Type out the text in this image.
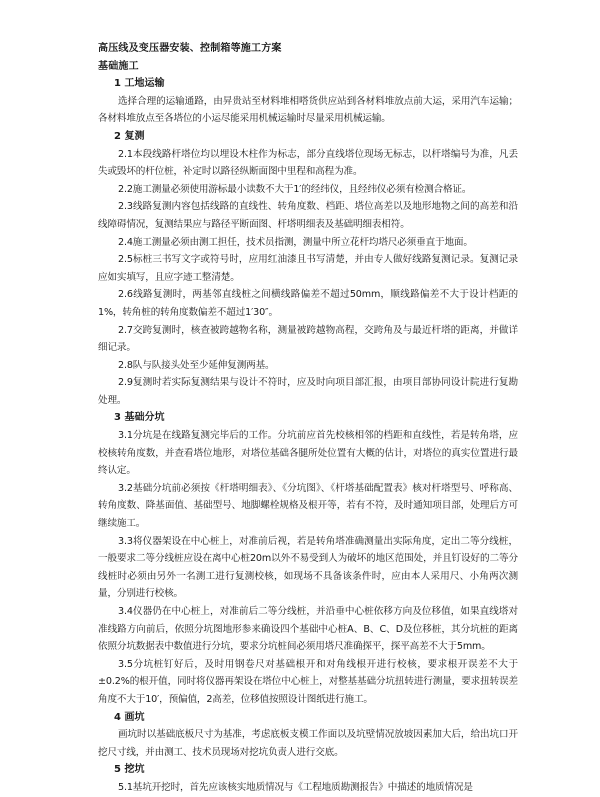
高压线及变压器安装、控制箱等施工方案
基础施工
1 工地运输
选择合理的运输通路，由昇贵站至材料堆相嗒货供应站到各材料堆放点前大运，采用汽车运输；各材料堆放点至各塔位的小运尽能采用机械运输时尽量采用机械运输。
2 复测
2.1本段线路杆塔位均以埋设木柱作为标志，部分直线塔位现场无标志，以杆塔编号为准，凡丢失或毁坏的杆位桩，补定时以路径纵断面图中里程和高程为准。
2.2施工测量必须使用游标最小读数不大于1′的经纬仪，且经纬仪必须有检测合格证。
2.3线路复测内容包括线路的直线性、转角度数、档距、塔位高差以及地形地物之间的高差和沿线障碍情况，复测结果应与路径平断面图、杆塔明细表及基础明细表相符。
2.4施工测量必须由测工担任，技术员指测，测量中所立花杆均塔尺必须垂直于地面。
2.5标桩三书写文字或符号时，应用红油漆且书写清楚，并由专人做好线路复测记录。复测记录应如实填写，且应字迹工整清楚。
2.6线路复测时，两基邻直线桩之间横线路偏差不超过50mm，顺线路偏差不大于设计档距的1%，转角桩的转角度数偏差不超过1′30″。
2.7交跨复测时，核查被跨越物名称，测量被跨越物高程，交跨角及与最近杆塔的距离，并做详细记录。
2.8队与队接头处至少延伸复测两基。
2.9复测时若实际复测结果与设计不符时，应及时向项目部汇报，由项目部协同设计院进行复勘处理。
3 基础分坑
3.1分坑是在线路复测完毕后的工作。分坑前应首先校核相邻的档距和直线性，若是转角塔，应校核转角度数，并查看塔位地形，对塔位基础各腿所处位置有大概的估计，对塔位的真实位置进行最终认定。
3.2基础分坑前必须按《杆塔明细表》、《分坑图》、《杆塔基础配置表》核对杆塔型号、呼称高、转角度数、降基面值、基础型号、地脚螺栓规格及根开等，若有不符，及时通知项目部，处理后方可继续施工。
3.3将仪器架设在中心桩上，对准前后视，若是转角塔准确测量出实际角度，定出二等分线桩，一般要求二等分线桩应设在离中心桩20m以外不易受到人为破坏的地区范围处，并且钉设好的二等分线桩时必须由另外一名测工进行复测校核，如现场不具备该条件时，应由本人采用尺、小角两次测量，分别进行校核。
3.4仪器仍在中心桩上，对准前后二等分线桩，并沿垂中心桩依移方向及位移值，如果直线塔对准线路方向前后，依照分坑图地形参来确设四个基础中心桩A、B、C、D及位移桩，其分坑桩的距离依照分坑数据表中数值进行分坑，要求分坑桩间必须用塔尺准确探平，探平高差不大于5mm。
3.5分坑桩钉好后，及时用钢卷尺对基础根开和对角线根开进行校核，要求根开误差不大于±0.2%的根开值，同时将仪器再架设在塔位中心桩上，对整基基础分坑扭转进行测量，要求扭转误差角度不大于10′，预偏值，2高差，位移值按照设计图纸进行施工。
4 画坑
画坑时以基础底板尺寸为基准，考虑底板支模工作面以及坑壁情况放坡因素加大后，给出坑口开挖尺寸线，并由测工、技术员现场对挖坑负责人进行交底。
5 挖坑
5.1基坑开挖时，首先应该核实地质情况与《工程地质勘测报告》中描述的地质情况是
